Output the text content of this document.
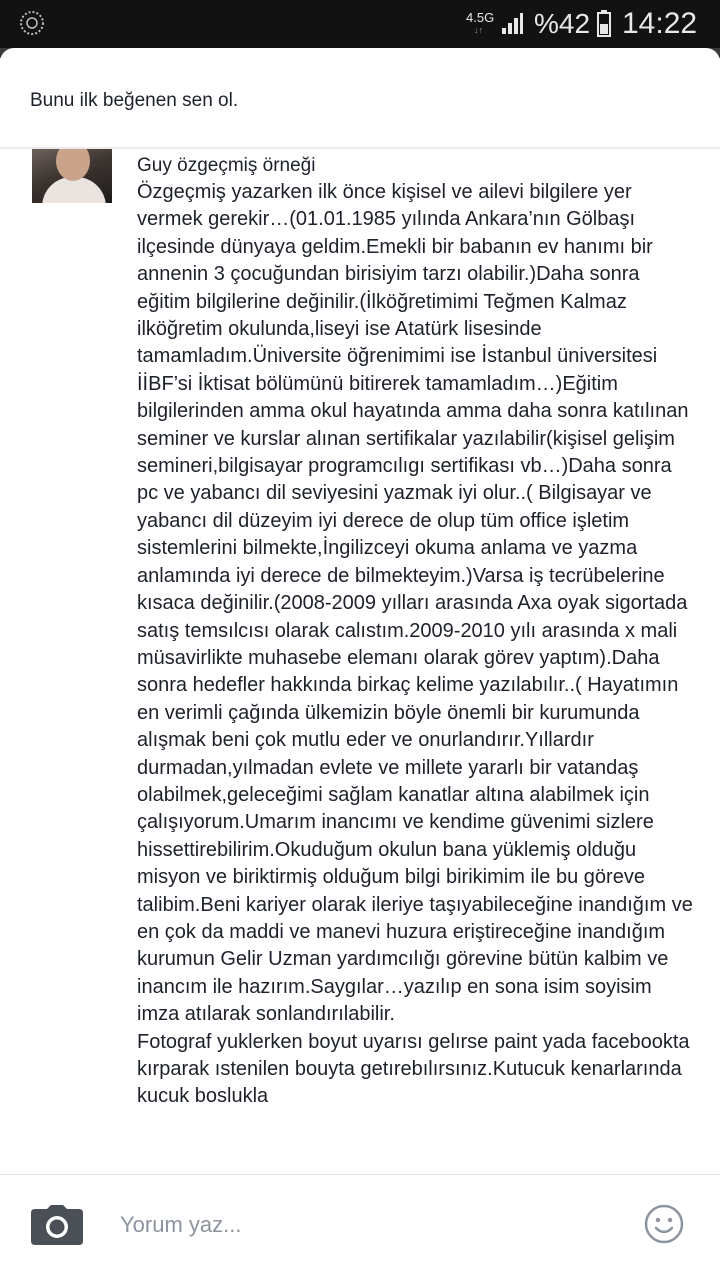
4.5G
↓↑ %42 14:22
Bunu ilk beğenen sen ol.
Guy özgeçmiş örneği
Özgeçmiş yazarken ilk önce kişisel ve ailevi bilgilere yer vermek gerekir…(01.01.1985 yılında Ankara’nın Gölbaşı ilçesinde dünyaya geldim.Emekli bir babanın ev hanımı bir annenin 3 çocuğundan birisiyim tarzı olabilir.)Daha sonra eğitim bilgilerine değinilir.(İlköğretimimi Teğmen Kalmaz ilköğretim okulunda,liseyi ise Atatürk lisesinde tamamladım.Üniversite öğrenimimi ise İstanbul üniversitesi İİBF’si İktisat bölümünü bitirerek tamamladım…)Eğitim bilgilerinden amma okul hayatında amma daha sonra katılınan seminer ve kurslar alınan sertifikalar yazılabilir(kişisel gelişim semineri,bilgisayar programcılıgı sertifikası vb…)Daha sonra pc ve yabancı dil seviyesini yazmak iyi olur..( Bilgisayar ve yabancı dil düzeyim iyi derece de olup tüm office işletim sistemlerini bilmekte,İngilizceyi okuma anlama ve yazma anlamında iyi derece de bilmekteyim.)Varsa iş tecrübelerine kısaca değinilir.(2008-2009 yılları arasında Axa oyak sigortada satış temsılcısı olarak calıstım.2009-2010 yılı arasında x mali müsavirlikte muhasebe elemanı olarak görev yaptım).Daha sonra hedefler hakkında birkaç kelime yazılabılır..( Hayatımın en verimli çağında ülkemizin böyle önemli bir kurumunda alışmak beni çok mutlu eder ve onurlandırır.Yıllardır durmadan,yılmadan evlete ve millete yararlı bir vatandaş olabilmek,geleceğimi sağlam kanatlar altına alabilmek için çalışıyorum.Umarım inancımı ve kendime güvenimi sizlere hissettirebilirim.Okuduğum okulun bana yüklemiş olduğu misyon ve biriktirmiş olduğum bilgi birikimim ile bu göreve talibim.Beni kariyer olarak ileriye taşıyabileceğine inandığım ve en çok da maddi ve manevi huzura eriştireceğine inandığım kurumun Gelir Uzman yardımcılığı görevine bütün kalbim ve inancım ile hazırım.Saygılar…yazılıp en sona isim soyisim imza atılarak sonlandırılabilir.
Fotograf yuklerken boyut uyarısı gelırse paint yada facebookta kırparak ıstenilen bouyta getırebılırsınız.Kutucuk kenarlarında kucuk boslukla
Yorum yaz...
